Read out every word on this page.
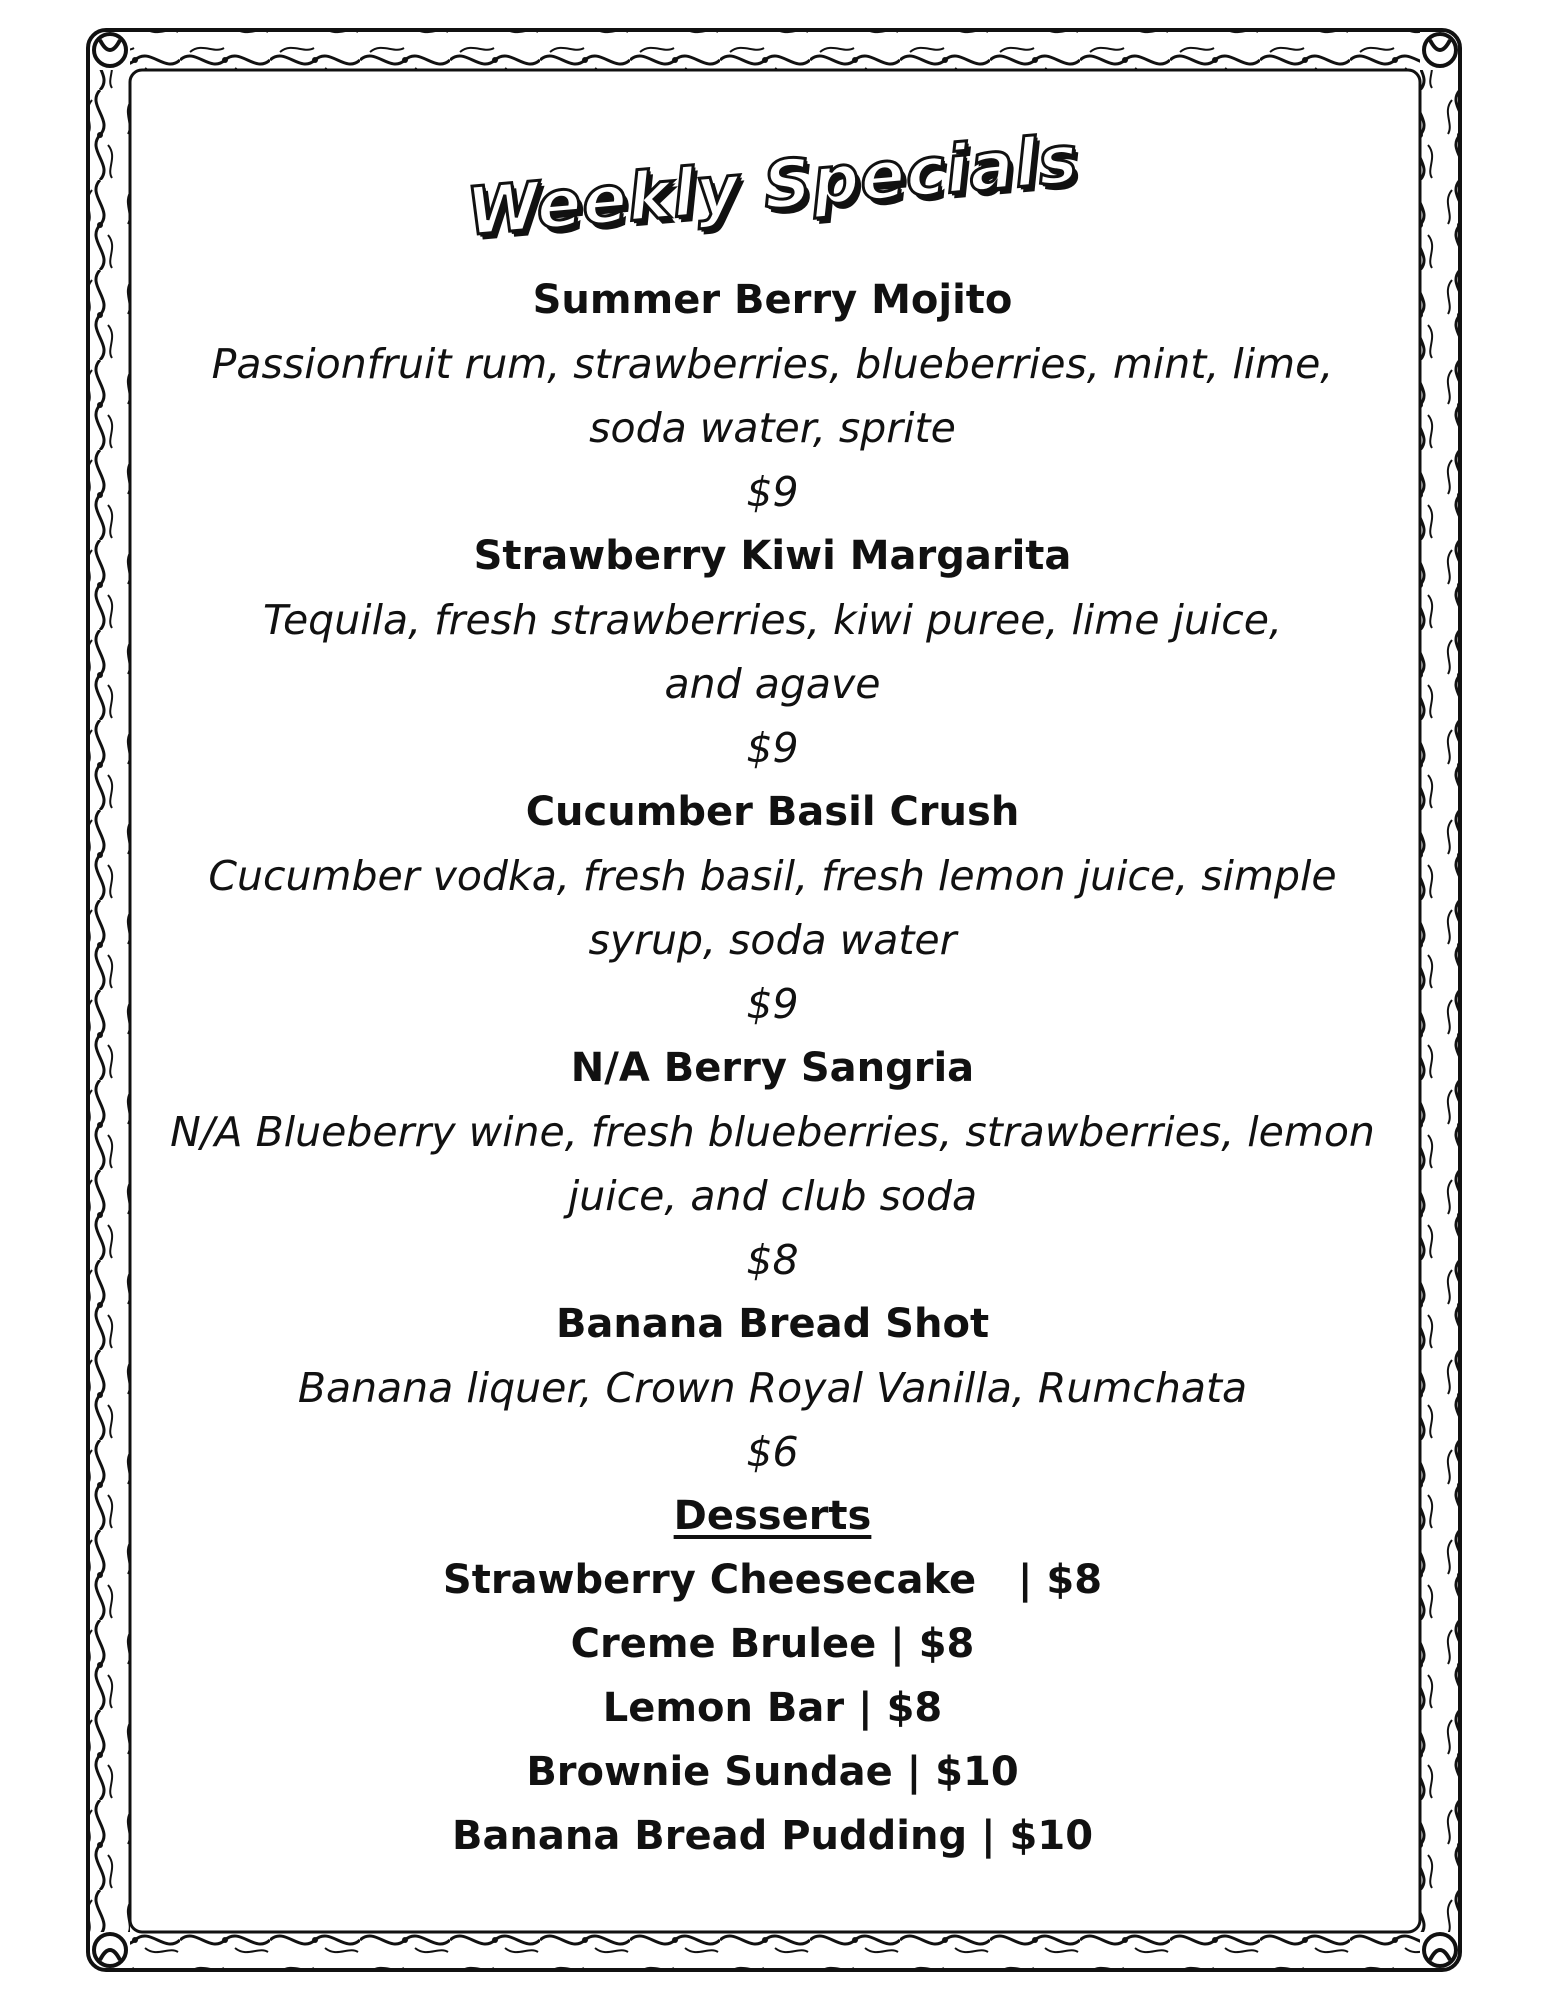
Weekly Specials
Summer Berry Mojito
Passionfruit rum, strawberries, blueberries, mint, lime,
soda water, sprite
$9
Strawberry Kiwi Margarita
Tequila, fresh strawberries, kiwi puree, lime juice,
and agave
$9
Cucumber Basil Crush
Cucumber vodka, fresh basil, fresh lemon juice, simple
syrup, soda water
$9
N/A Berry Sangria
N/A Blueberry wine, fresh blueberries, strawberries, lemon
juice, and club soda
$8
Banana Bread Shot
Banana liquer, Crown Royal Vanilla, Rumchata
$6
Desserts
Strawberry Cheesecake   | $8
Creme Brulee | $8
Lemon Bar | $8
Brownie Sundae | $10
Banana Bread Pudding | $10
